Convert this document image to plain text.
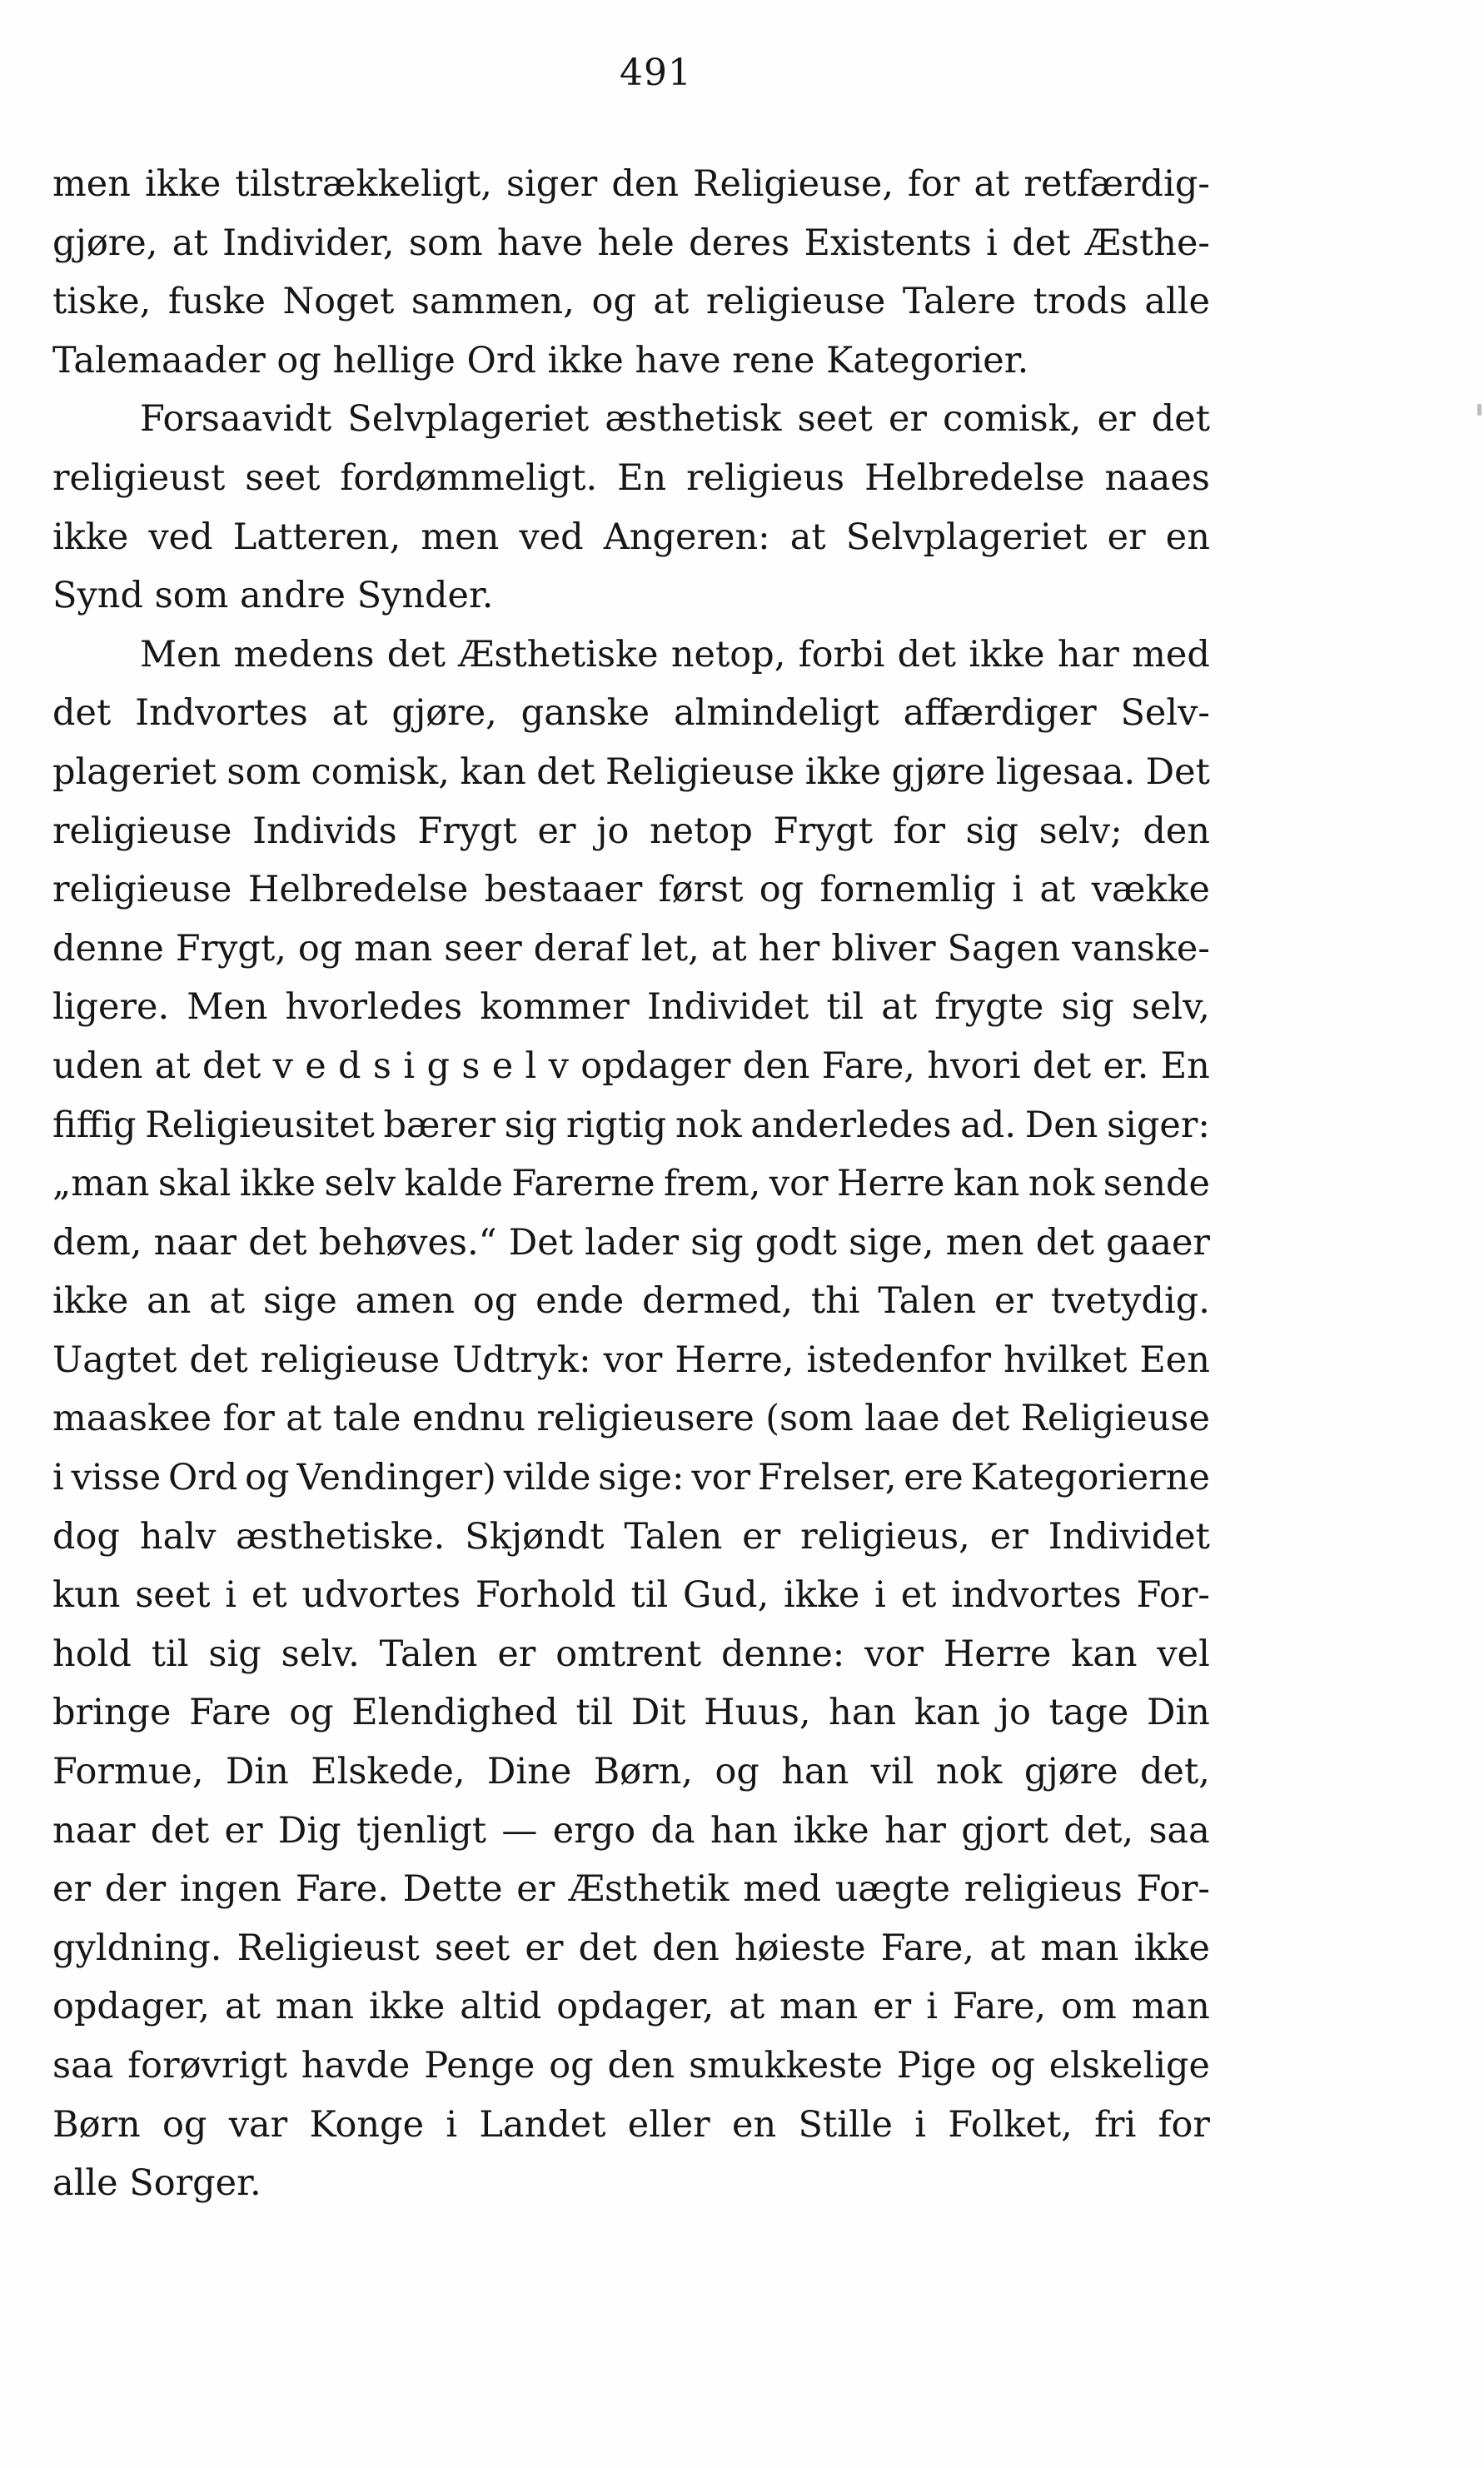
491
men ikke tilstrækkeligt, siger den Religieuse, for at retfærdig-
gjøre, at Individer, som have hele deres Existents i det Æsthe-
tiske, fuske Noget sammen, og at religieuse Talere trods alle
Talemaader og hellige Ord ikke have rene Kategorier.
Forsaavidt Selvplageriet æsthetisk seet er comisk, er det
religieust seet fordømmeligt. En religieus Helbredelse naaes
ikke ved Latteren, men ved Angeren: at Selvplageriet er en
Synd som andre Synder.
Men medens det Æsthetiske netop, forbi det ikke har med
det Indvortes at gjøre, ganske almindeligt affærdiger Selv-
plageriet som comisk, kan det Religieuse ikke gjøre ligesaa. Det
religieuse Individs Frygt er jo netop Frygt for sig selv; den
religieuse Helbredelse bestaaer først og fornemlig i at vække
denne Frygt, og man seer deraf let, at her bliver Sagen vanske-
ligere. Men hvorledes kommer Individet til at frygte sig selv,
uden at det v e d s i g s e l v opdager den Fare, hvori det er. En
fiffig Religieusitet bærer sig rigtig nok anderledes ad. Den siger:
„man skal ikke selv kalde Farerne frem, vor Herre kan nok sende
dem, naar det behøves.“ Det lader sig godt sige, men det gaaer
ikke an at sige amen og ende dermed, thi Talen er tvetydig.
Uagtet det religieuse Udtryk: vor Herre, istedenfor hvilket Een
maaskee for at tale endnu religieusere (som laae det Religieuse
i visse Ord og Vendinger) vilde sige: vor Frelser, ere Kategorierne
dog halv æsthetiske. Skjøndt Talen er religieus, er Individet
kun seet i et udvortes Forhold til Gud, ikke i et indvortes For-
hold til sig selv. Talen er omtrent denne: vor Herre kan vel
bringe Fare og Elendighed til Dit Huus, han kan jo tage Din
Formue, Din Elskede, Dine Børn, og han vil nok gjøre det,
naar det er Dig tjenligt — ergo da han ikke har gjort det, saa
er der ingen Fare. Dette er Æsthetik med uægte religieus For-
gyldning. Religieust seet er det den høieste Fare, at man ikke
opdager, at man ikke altid opdager, at man er i Fare, om man
saa forøvrigt havde Penge og den smukkeste Pige og elskelige
Børn og var Konge i Landet eller en Stille i Folket, fri for
alle Sorger.
